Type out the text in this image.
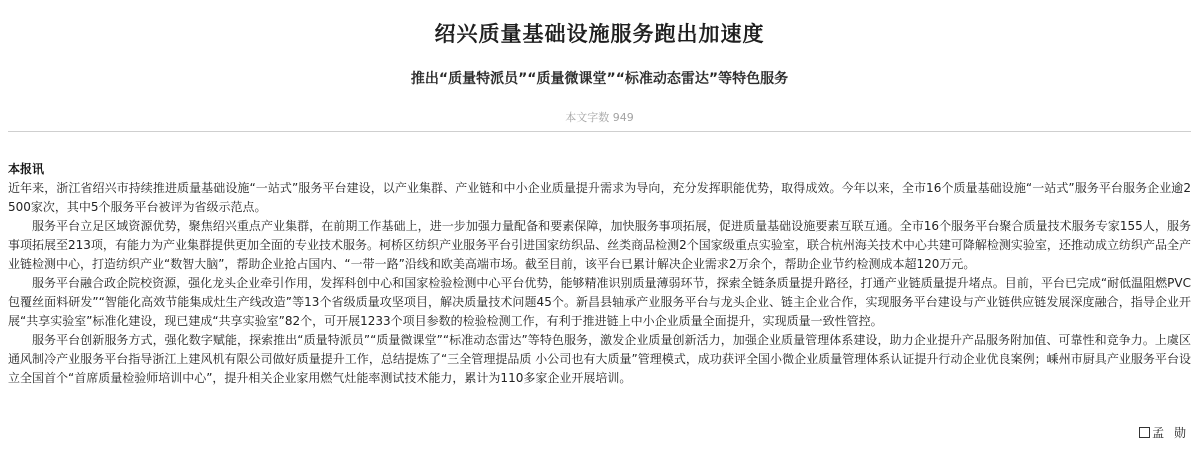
绍兴质量基础设施服务跑出加速度
推出“质量特派员”“质量微课堂”“标准动态雷达”等特色服务
本文字数 949

本报讯

近年来，浙江省绍兴市持续推进质量基础设施“一站式”服务平台建设，以产业集群、产业链和中小企业质量提升需求为导向，充分发挥职能优势，取得成效。今年以来，全市16个质量基础设施“一站式”服务平台服务企业逾2500家次，其中5个服务平台被评为省级示范点。

服务平台立足区域资源优势，聚焦绍兴重点产业集群，在前期工作基础上，进一步加强力量配备和要素保障，加快服务事项拓展，促进质量基础设施要素互联互通。全市16个服务平台聚合质量技术服务专家155人，服务事项拓展至213项，有能力为产业集群提供更加全面的专业技术服务。柯桥区纺织产业服务平台引进国家纺织品、丝类商品检测2个国家级重点实验室，联合杭州海关技术中心共建可降解检测实验室，还推动成立纺织产品全产业链检测中心，打造纺织产业“数智大脑”，帮助企业抢占国内、“一带一路”沿线和欧美高端市场。截至目前，该平台已累计解决企业需求2万余个，帮助企业节约检测成本超120万元。

服务平台融合政企院校资源，强化龙头企业牵引作用，发挥科创中心和国家检验检测中心平台优势，能够精准识别质量薄弱环节，探索全链条质量提升路径，打通产业链质量提升堵点。目前，平台已完成“耐低温阻燃PVC包覆丝面料研发”“智能化高效节能集成灶生产线改造”等13个省级质量攻坚项目，解决质量技术问题45个。新昌县轴承产业服务平台与龙头企业、链主企业合作，实现服务平台建设与产业链供应链发展深度融合，指导企业开展“共享实验室”标准化建设，现已建成“共享实验室”82个，可开展1233个项目参数的检验检测工作，有利于推进链上中小企业质量全面提升，实现质量一致性管控。

服务平台创新服务方式，强化数字赋能，探索推出“质量特派员”“质量微课堂”“标准动态雷达”等特色服务，激发企业质量创新活力，加强企业质量管理体系建设，助力企业提升产品服务附加值、可靠性和竞争力。上虞区通风制冷产业服务平台指导浙江上建风机有限公司做好质量提升工作，总结提炼了“三全管理提品质 小公司也有大质量”管理模式，成功获评全国小微企业质量管理体系认证提升行动企业优良案例；嵊州市厨具产业服务平台设立全国首个“首席质量检验师培训中心”，提升相关企业家用燃气灶能率测试技术能力，累计为110多家企业开展培训。

孟 勋
